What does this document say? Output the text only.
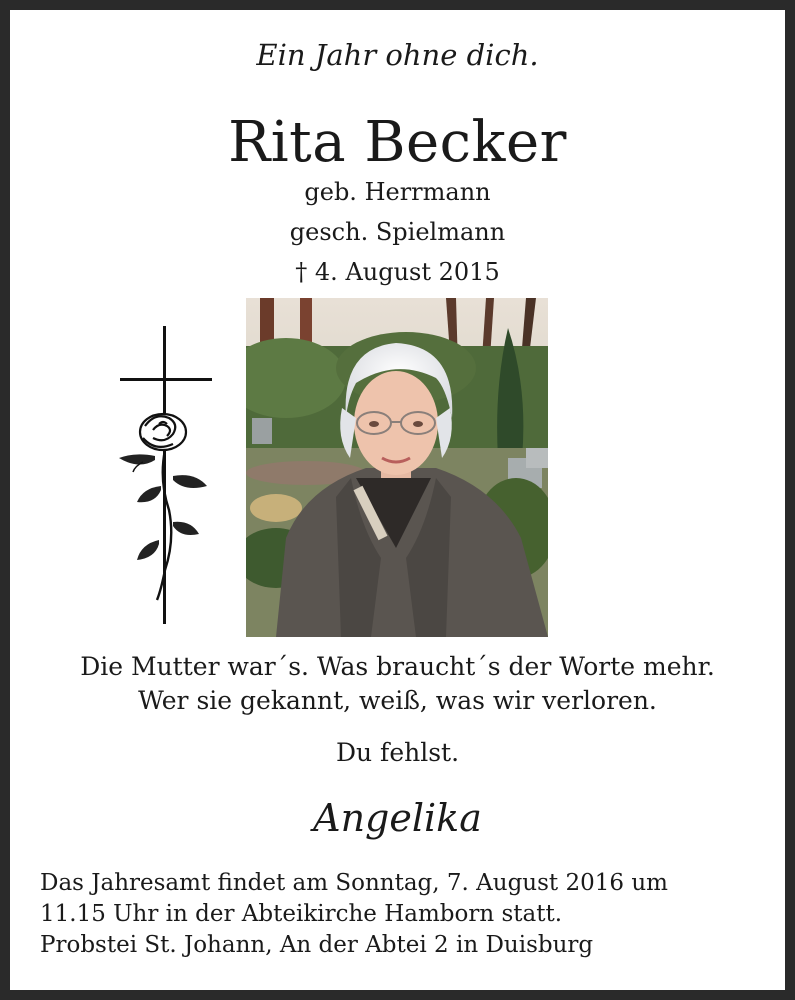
Ein Jahr ohne dich.
Rita Becker
geb. Herrmann
gesch. Spielmann
† 4. August 2015
Die Mutter war´s. Was braucht´s der Worte mehr.
Wer sie gekannt, weiß, was wir verloren.
Du fehlst.
Angelika
Das Jahresamt findet am Sonntag, 7. August 2016 um
11.15 Uhr in der Abteikirche Hamborn statt.
Probstei St. Johann, An der Abtei 2 in Duisburg
